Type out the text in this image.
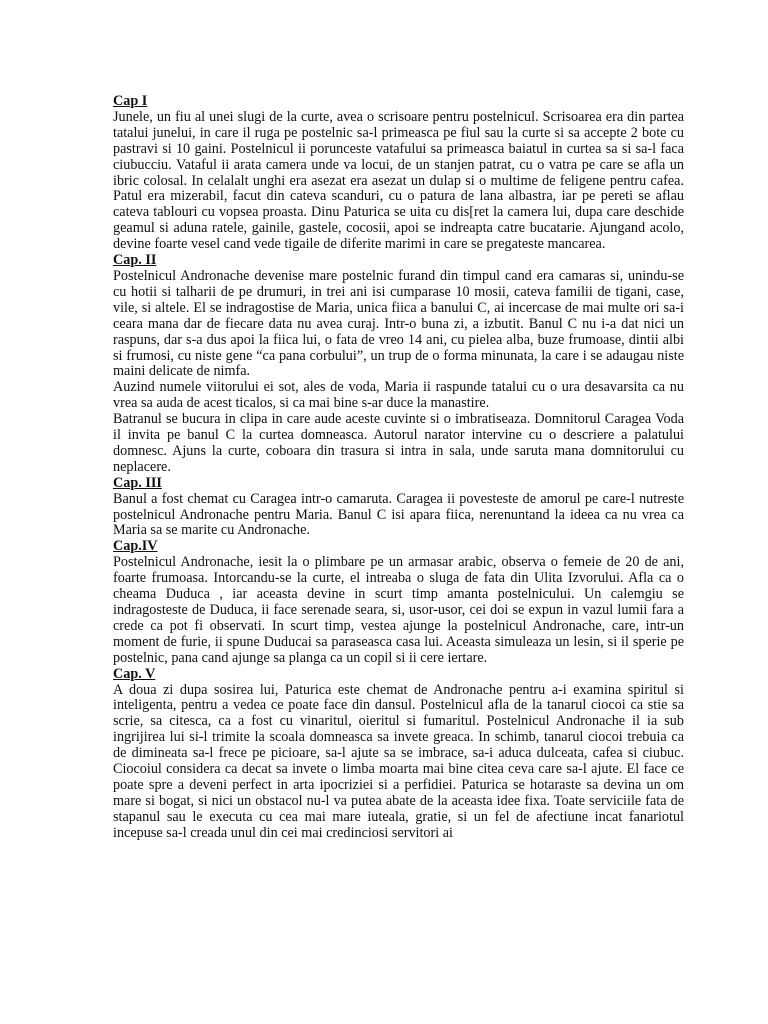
Cap I

Junele, un fiu al unei slugi de la curte, avea o scrisoare pentru postelnicul. Scrisoarea era din partea tatalui junelui, in care il ruga pe postelnic sa-l primeasca pe fiul sau la curte si sa accepte 2 bote cu pastravi si 10 gaini. Postelnicul ii porunceste vatafului sa primeasca baiatul in curtea sa si sa-l faca ciubucciu. Vataful ii arata camera unde va locui, de un stanjen patrat, cu o vatra pe care se afla un ibric colosal. In celalalt unghi era asezat era asezat un dulap si o multime de feligene pentru cafea. Patul era mizerabil, facut din cateva scanduri, cu o patura de lana albastra, iar pe pereti se aflau cateva tablouri cu vopsea proasta. Dinu Paturica se uita cu dis[ret la camera lui, dupa care deschide geamul si aduna ratele, gainile, gastele, cocosii, apoi se indreapta catre bucatarie. Ajungand acolo, devine foarte vesel cand vede tigaile de diferite marimi in care se pregateste mancarea.

Cap. II

Postelnicul Andronache devenise mare postelnic furand din timpul cand era camaras si, unindu-se cu hotii si talharii de pe drumuri, in trei ani isi cumparase 10 mosii, cateva familii de tigani, case, vile, si altele. El se indragostise de Maria, unica fiica a banului C, ai incercase de mai multe ori sa-i ceara mana dar de fiecare data nu avea curaj. Intr-o buna zi, a izbutit. Banul C nu i-a dat nici un raspuns, dar s-a dus apoi la fiica lui, o fata de vreo 14 ani, cu pielea alba, buze frumoase, dintii albi si frumosi, cu niste gene “ca pana corbului”, un trup de o forma minunata, la care i se adaugau niste maini delicate de nimfa.

Auzind numele viitorului ei sot, ales de voda, Maria ii raspunde tatalui cu o ura desavarsita ca nu vrea sa auda de acest ticalos, si ca mai bine s-ar duce la manastire.

Batranul se bucura in clipa in care aude aceste cuvinte si o imbratiseaza. Domnitorul Caragea Voda il invita pe banul C la curtea domneasca. Autorul narator intervine cu o descriere a palatului domnesc. Ajuns la curte, coboara din trasura si intra in sala, unde saruta mana domnitorului cu neplacere.

Cap. III

Banul a fost chemat cu Caragea intr-o camaruta. Caragea ii povesteste de amorul pe care-l nutreste postelnicul Andronache pentru Maria. Banul C isi apara fiica, nerenuntand la ideea ca nu vrea ca Maria sa se marite cu Andronache.

Cap.IV

Postelnicul Andronache, iesit la o plimbare pe un armasar arabic, observa o femeie de 20 de ani, foarte frumoasa. Intorcandu-se la curte, el intreaba o sluga de fata din Ulita Izvorului. Afla ca o cheama Duduca , iar aceasta devine in scurt timp amanta postelnicului. Un calemgiu se indragosteste de Duduca, ii face serenade seara, si, usor-usor, cei doi se expun in vazul lumii fara a crede ca pot fi observati. In scurt timp, vestea ajunge la postelnicul Andronache, care, intr-un moment de furie, ii spune Duducai sa paraseasca casa lui. Aceasta simuleaza un lesin, si il sperie pe postelnic, pana cand ajunge sa planga ca un copil si ii cere iertare.

Cap. V

A doua zi dupa sosirea lui, Paturica este chemat de Andronache pentru a-i examina spiritul si inteligenta, pentru a vedea ce poate face din dansul. Postelnicul afla de la tanarul ciocoi ca stie sa scrie, sa citesca, ca a fost cu vinaritul, oieritul si fumaritul. Postelnicul Andronache il ia sub ingrijirea lui si-l trimite la scoala domneasca sa invete greaca. In schimb, tanarul ciocoi trebuia ca de dimineata sa-l frece pe picioare, sa-l ajute sa se imbrace, sa-i aduca dulceata, cafea si ciubuc. Ciocoiul considera ca decat sa invete o limba moarta mai bine citea ceva care sa-l ajute. El face ce poate spre a deveni perfect in arta ipocriziei si a perfidiei. Paturica se hotaraste sa devina un om mare si bogat, si nici un obstacol nu-l va putea abate de la aceasta idee fixa. Toate serviciile fata de stapanul sau le executa cu cea mai mare iuteala, gratie, si un fel de afectiune incat fanariotul incepuse sa-l creada unul din cei mai credinciosi servitori ai
